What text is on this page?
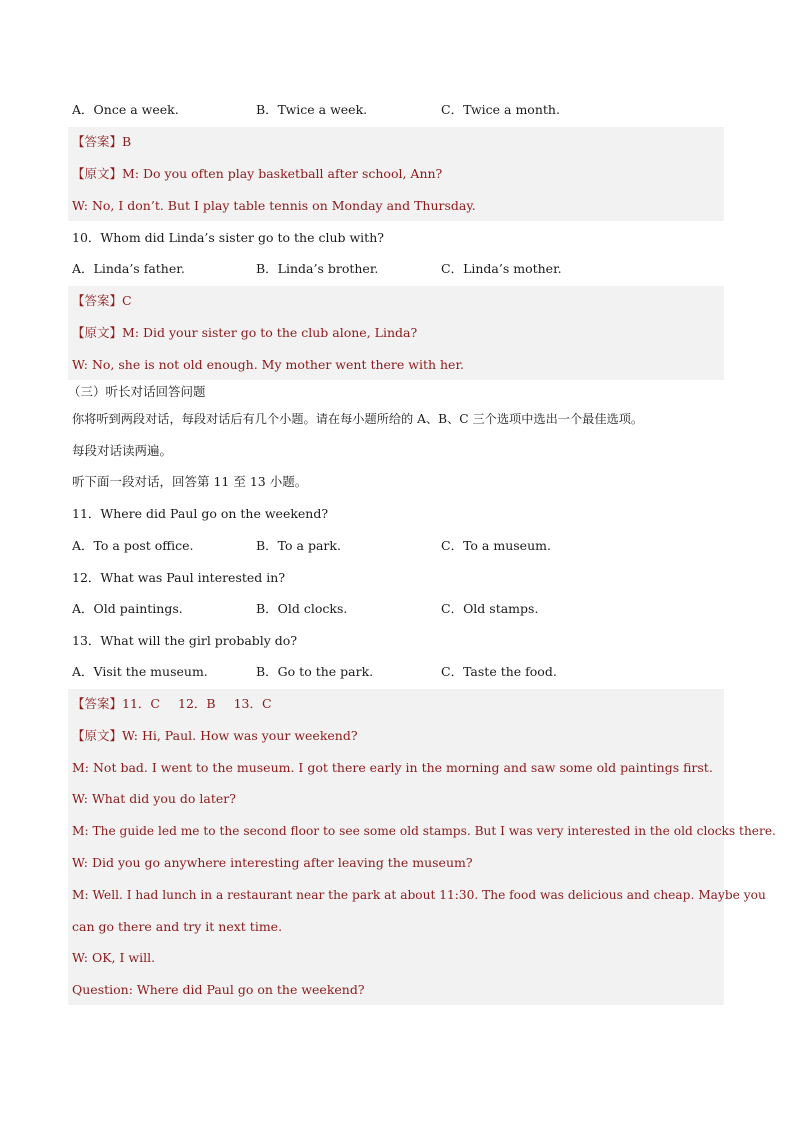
A．Once a week.	B．Twice a week.	C．Twice a month.
【答案】B
【原文】M: Do you often play basketball after school, Ann?
W: No, I don’t. But I play table tennis on Monday and Thursday.
10．Whom did Linda’s sister go to the club with?
A．Linda’s father.	B．Linda’s brother.	C．Linda’s mother.
【答案】C
【原文】M: Did your sister go to the club alone, Linda?
W: No, she is not old enough. My mother went there with her.
（三）听长对话回答问题
你将听到两段对话，每段对话后有几个小题。请在每小题所给的 A、B、C 三个选项中选出一个最佳选项。
每段对话读两遍。
听下面一段对话，回答第 11 至 13 小题。
11．Where did Paul go on the weekend?
A．To a post office.	B．To a park.	C．To a museum.
12．What was Paul interested in?
A．Old paintings.	B．Old clocks.	C．Old stamps.
13．What will the girl probably do?
A．Visit the museum.	B．Go to the park.	C．Taste the food.
【答案】11．C 12．B 13．C
【原文】W: Hi, Paul. How was your weekend?
M: Not bad. I went to the museum. I got there early in the morning and saw some old paintings first.
W: What did you do later?
M: The guide led me to the second floor to see some old stamps. But I was very interested in the old clocks there.
W: Did you go anywhere interesting after leaving the museum?
M: Well. I had lunch in a restaurant near the park at about 11:30. The food was delicious and cheap. Maybe you
can go there and try it next time.
W: OK, I will.
Question: Where did Paul go on the weekend?
